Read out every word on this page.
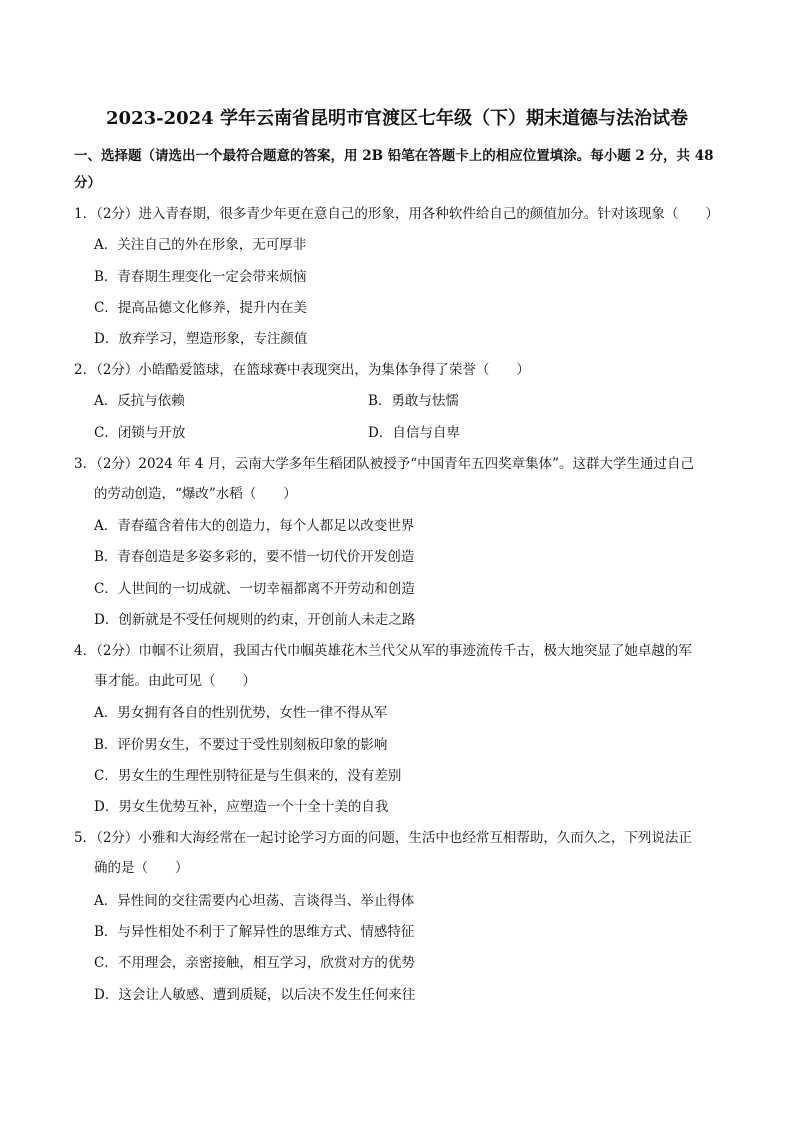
2023-2024 学年云南省昆明市官渡区七年级（下）期末道德与法治试卷
一、选择题（请选出一个最符合题意的答案，用 2B 铅笔在答题卡上的相应位置填涂。每小题 2 分，共 48
分）
1．（2分）进入青春期，很多青少年更在意自己的形象，用各种软件给自己的颜值加分。针对该现象（　　）
A．关注自己的外在形象，无可厚非
B．青春期生理变化一定会带来烦恼
C．提高品德文化修养，提升内在美
D．放弃学习，塑造形象，专注颜值
2．（2分）小皓酷爱篮球，在篮球赛中表现突出，为集体争得了荣誉（　　）
A．反抗与依赖	B．勇敢与怯懦
C．闭锁与开放	D．自信与自卑
3．（2分）2024 年 4 月，云南大学多年生稻团队被授予“中国青年五四奖章集体”。这群大学生通过自己
的劳动创造，“爆改”水稻（　　）
A．青春蕴含着伟大的创造力，每个人都足以改变世界
B．青春创造是多姿多彩的，要不惜一切代价开发创造
C．人世间的一切成就、一切幸福都离不开劳动和创造
D．创新就是不受任何规则的约束，开创前人未走之路
4．（2分）巾帼不让须眉，我国古代巾帼英雄花木兰代父从军的事迹流传千古，极大地突显了她卓越的军
事才能。由此可见（　　）
A．男女拥有各自的性别优势，女性一律不得从军
B．评价男女生，不要过于受性别刻板印象的影响
C．男女生的生理性别特征是与生俱来的，没有差别
D．男女生优势互补，应塑造一个十全十美的自我
5．（2分）小雅和大海经常在一起讨论学习方面的问题，生活中也经常互相帮助，久而久之，下列说法正
确的是（　　）
A．异性间的交往需要内心坦荡、言谈得当、举止得体
B．与异性相处不利于了解异性的思维方式、情感特征
C．不用理会，亲密接触，相互学习，欣赏对方的优势
D．这会让人敏感、遭到质疑，以后决不发生任何来往
